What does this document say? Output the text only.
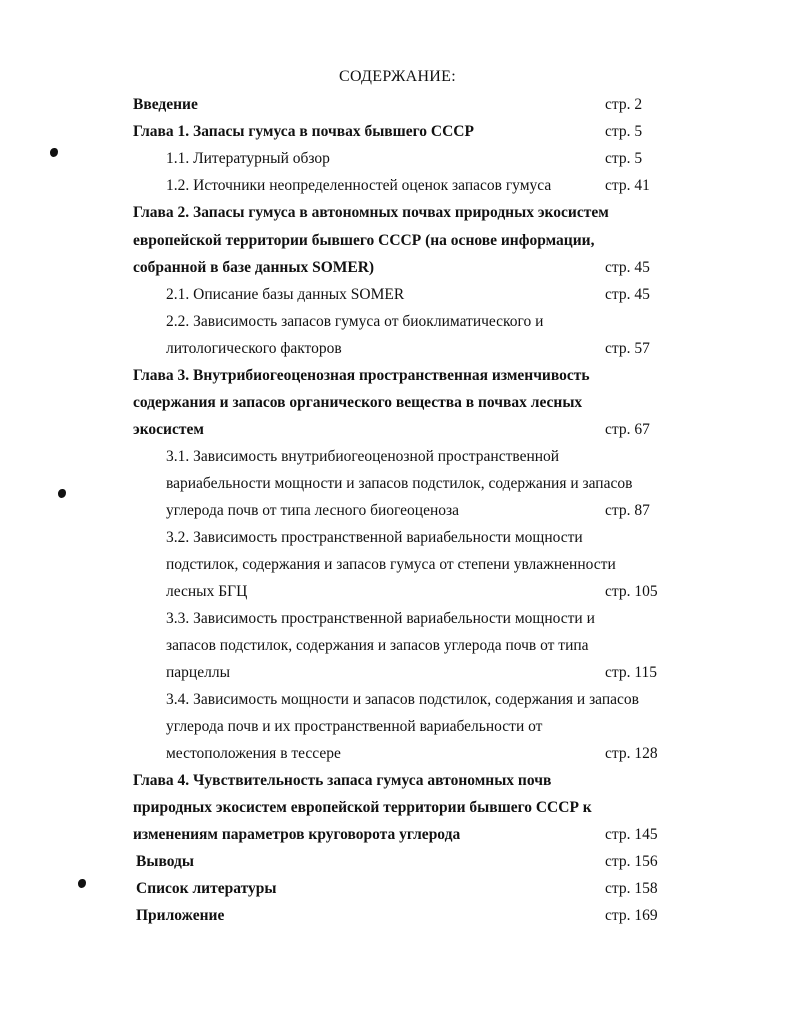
СОДЕРЖАНИЕ:
Введение	стр. 2
Глава 1. Запасы гумуса в почвах бывшего СССР	стр. 5
1.1. Литературный обзор	стр. 5
1.2. Источники неопределенностей оценок запасов гумуса	стр. 41
Глава 2. Запасы гумуса в автономных почвах природных экосистем
европейской территории бывшего СССР (на основе информации,
собранной в базе данных SOMER)	стр. 45
2.1. Описание базы данных SOMER	стр. 45
2.2. Зависимость запасов гумуса от биоклиматического и
литологического факторов	стр. 57
Глава 3. Внутрибиогеоценозная пространственная изменчивость
содержания и запасов органического вещества в почвах лесных
экосистем	стр. 67
3.1. Зависимость внутрибиогеоценозной пространственной
вариабельности мощности и запасов подстилок, содержания и запасов
углерода почв от типа лесного биогеоценоза	стр. 87
3.2. Зависимость пространственной вариабельности мощности
подстилок, содержания и запасов гумуса от степени увлажненности
лесных БГЦ	стр. 105
3.3. Зависимость пространственной вариабельности мощности и
запасов подстилок, содержания и запасов углерода почв от типа
парцеллы	стр. 115
3.4. Зависимость мощности и запасов подстилок, содержания и запасов
углерода почв и их пространственной вариабельности от
местоположения в тессере	стр. 128
Глава 4. Чувствительность запаса гумуса автономных почв
природных экосистем европейской территории бывшего СССР к
изменениям параметров круговорота углерода	стр. 145
Выводы	стр. 156
Список литературы	стр. 158
Приложение	стр. 169
